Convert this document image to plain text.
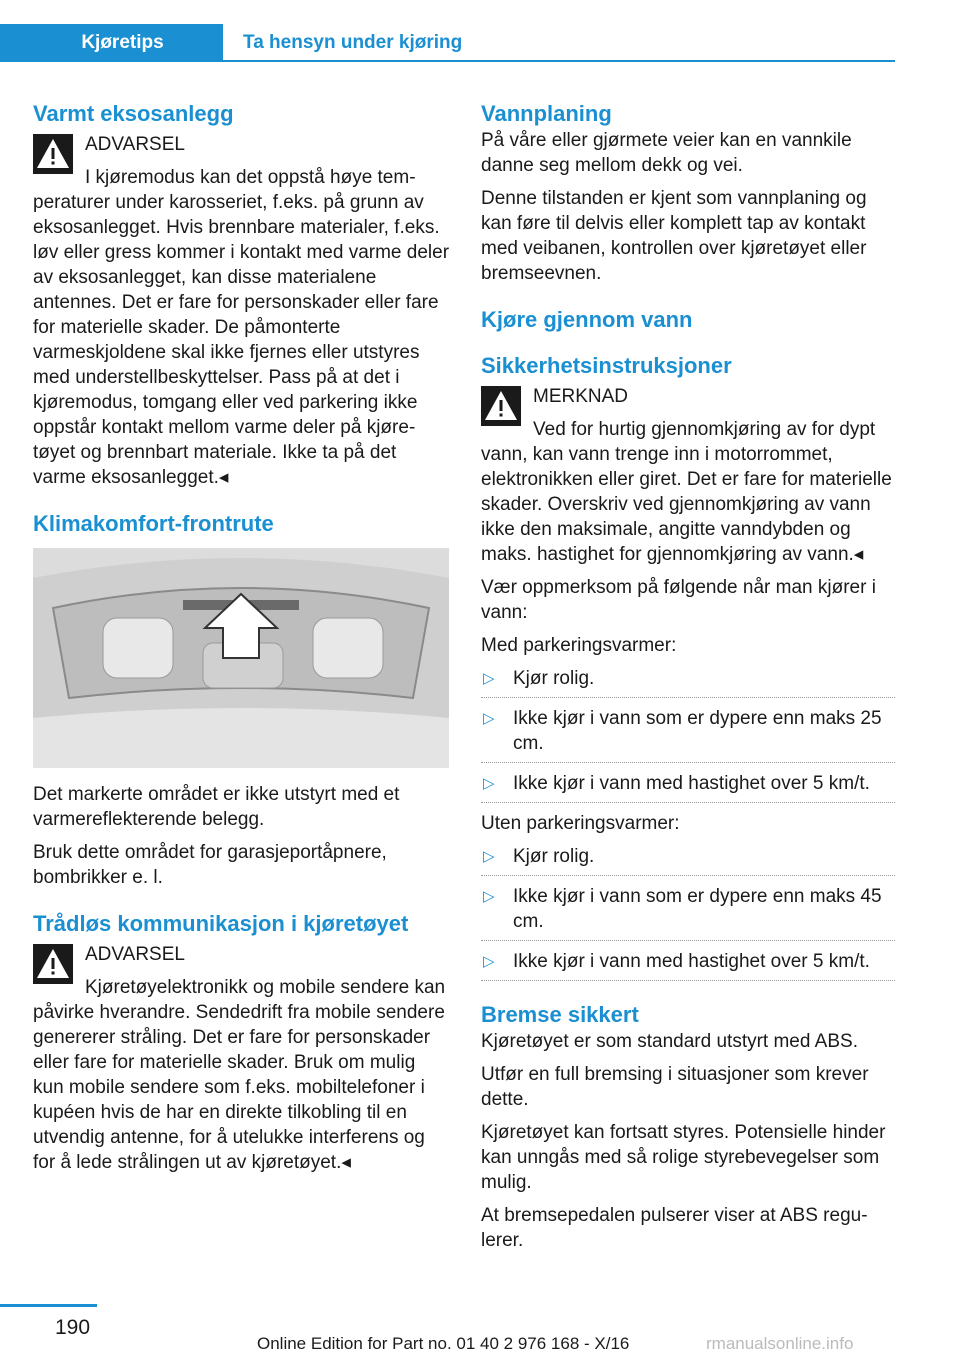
Kjøretips	Ta hensyn under kjøring
Varmt eksosanlegg
ADVARSEL

I kjøremodus kan det oppstå høye temperaturer under karosseriet, f.eks. på grunn av eksosanlegget. Hvis brennbare materialer, f.eks. løv eller gress kommer i kontakt med varme deler av eksosanlegget, kan disse materialene antennes. Det er fare for personskader eller fare for materielle skader. De påmonterte varmeskjoldene skal ikke fjernes eller utstyres med understellbeskyttelser. Pass på at det i kjøremodus, tomgang eller ved parkering ikke oppstår kontakt mellom varme deler på kjøretøyet og brennbart materiale. Ikke ta på det varme eksosanlegget.◂

Klimakomfort-frontrute

Det markerte området er ikke utstyrt med et varmereflekterende belegg.

Bruk dette området for garasjeportåpnere, bombrikker e. l.

Trådløs kommunikasjon i kjøretøyet
ADVARSEL

Kjøretøyelektronikk og mobile sendere kan påvirke hverandre. Sendedrift fra mobile sendere genererer stråling. Det er fare for personskader eller fare for materielle skader. Bruk om mulig kun mobile sendere som f.eks. mobiltelefoner i kupéen hvis de har en direkte tilkobling til en utvendig antenne, for å utelukke interferens og for å lede strålingen ut av kjøretøyet.◂

Vannplaning

På våre eller gjørmete veier kan en vannkile danne seg mellom dekk og vei.

Denne tilstanden er kjent som vannplaning og kan føre til delvis eller komplett tap av kontakt med veibanen, kontrollen over kjøretøyet eller bremseevnen.

Kjøre gjennom vann
Sikkerhetsinstruksjoner
MERKNAD

Ved for hurtig gjennomkjøring av for dypt vann, kan vann trenge inn i motorrommet, elektronikken eller giret. Det er fare for materielle skader. Overskriv ved gjennomkjøring av vann ikke den maksimale, angitte vanndybden og maks. hastighet for gjennomkjøring av vann.◂

Vær oppmerksom på følgende når man kjører i vann:

Med parkeringsvarmer:

▷ Kjør rolig.
▷ Ikke kjør i vann som er dypere enn maks 25 cm.
▷ Ikke kjør i vann med hastighet over 5 km/t.

Uten parkeringsvarmer:

▷ Kjør rolig.
▷ Ikke kjør i vann som er dypere enn maks 45 cm.
▷ Ikke kjør i vann med hastighet over 5 km/t.
Bremse sikkert

Kjøretøyet er som standard utstyrt med ABS.

Utfør en full bremsing i situasjoner som krever dette.

Kjøretøyet kan fortsatt styres. Potensielle hinder kan unngås med så rolige styrebevegelser som mulig.

At bremsepedalen pulserer viser at ABS regulerer.

190
Online Edition for Part no. 01 40 2 976 168 - X/16	rmanualsonline.info
